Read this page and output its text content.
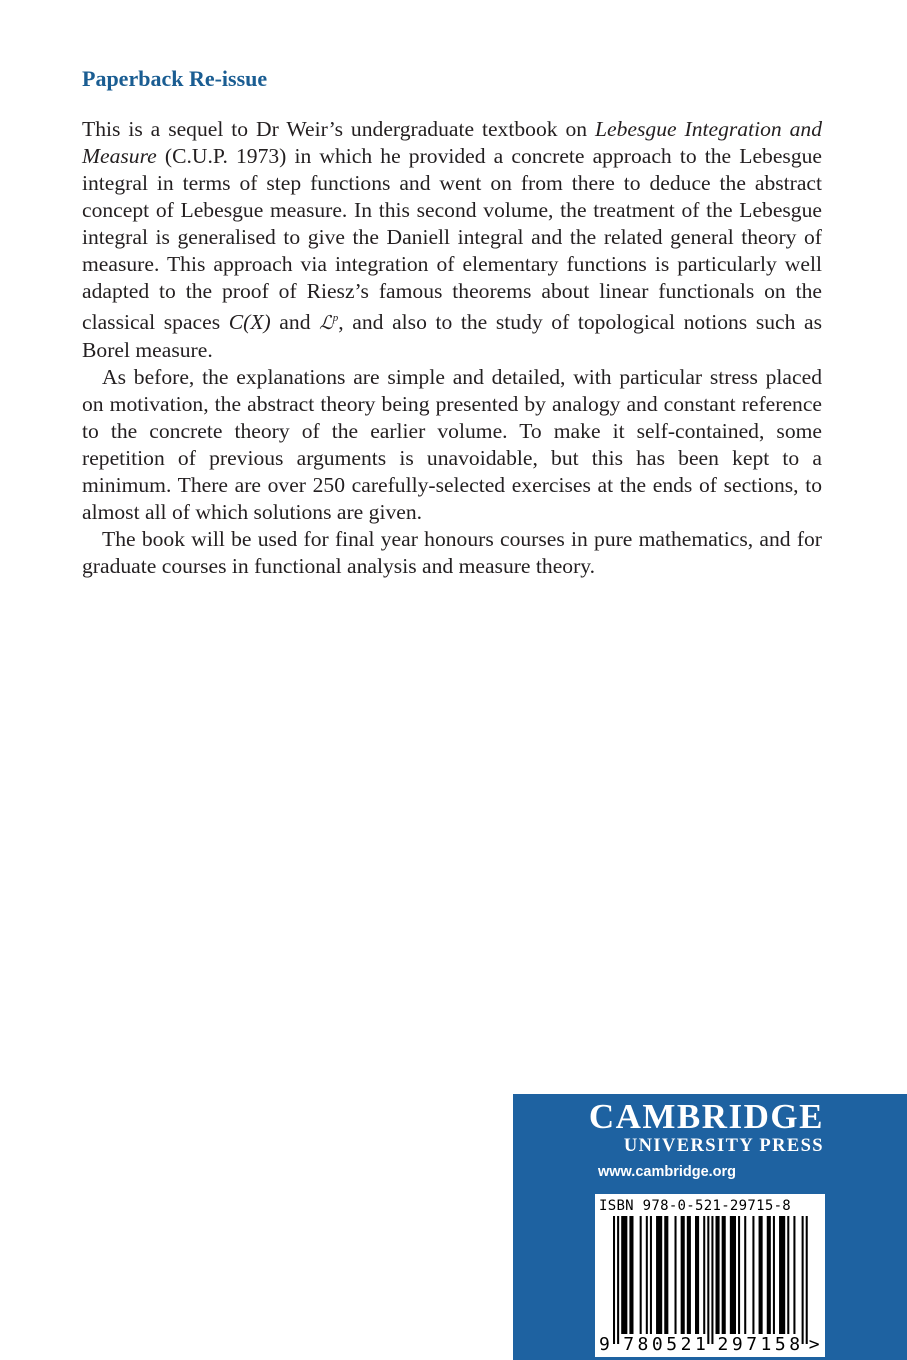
Paperback Re-issue

This is a sequel to Dr Weir’s undergraduate textbook on Lebesgue Integration and Measure (C.U.P. 1973) in which he provided a concrete approach to the Lebesgue integral in terms of step functions and went on from there to deduce the abstract concept of Lebesgue measure. In this second volume, the treatment of the Lebesgue integral is generalised to give the Daniell integral and the related general theory of measure. This approach via integration of elementary functions is particularly well adapted to the proof of Riesz’s famous theorems about linear functionals on the classical spaces C(X) and ℒ$^p$, and also to the study of topological notions such as Borel measure.

As before, the explanations are simple and detailed, with particular stress placed on motivation, the abstract theory being presented by analogy and constant reference to the concrete theory of the earlier volume. To make it self-contained, some repetition of previous arguments is unavoidable, but this has been kept to a minimum. There are over 250 carefully-selected exercises at the ends of sections, to almost all of which solutions are given.

The book will be used for final year honours courses in pure mathematics, and for graduate courses in functional analysis and measure theory.

CAMBRIDGE
UNIVERSITY PRESS
www.cambridge.org
ISBN 978-0-521-29715-8
9 7 8 0 5 2 1 2 9 7 1 5 8 >
